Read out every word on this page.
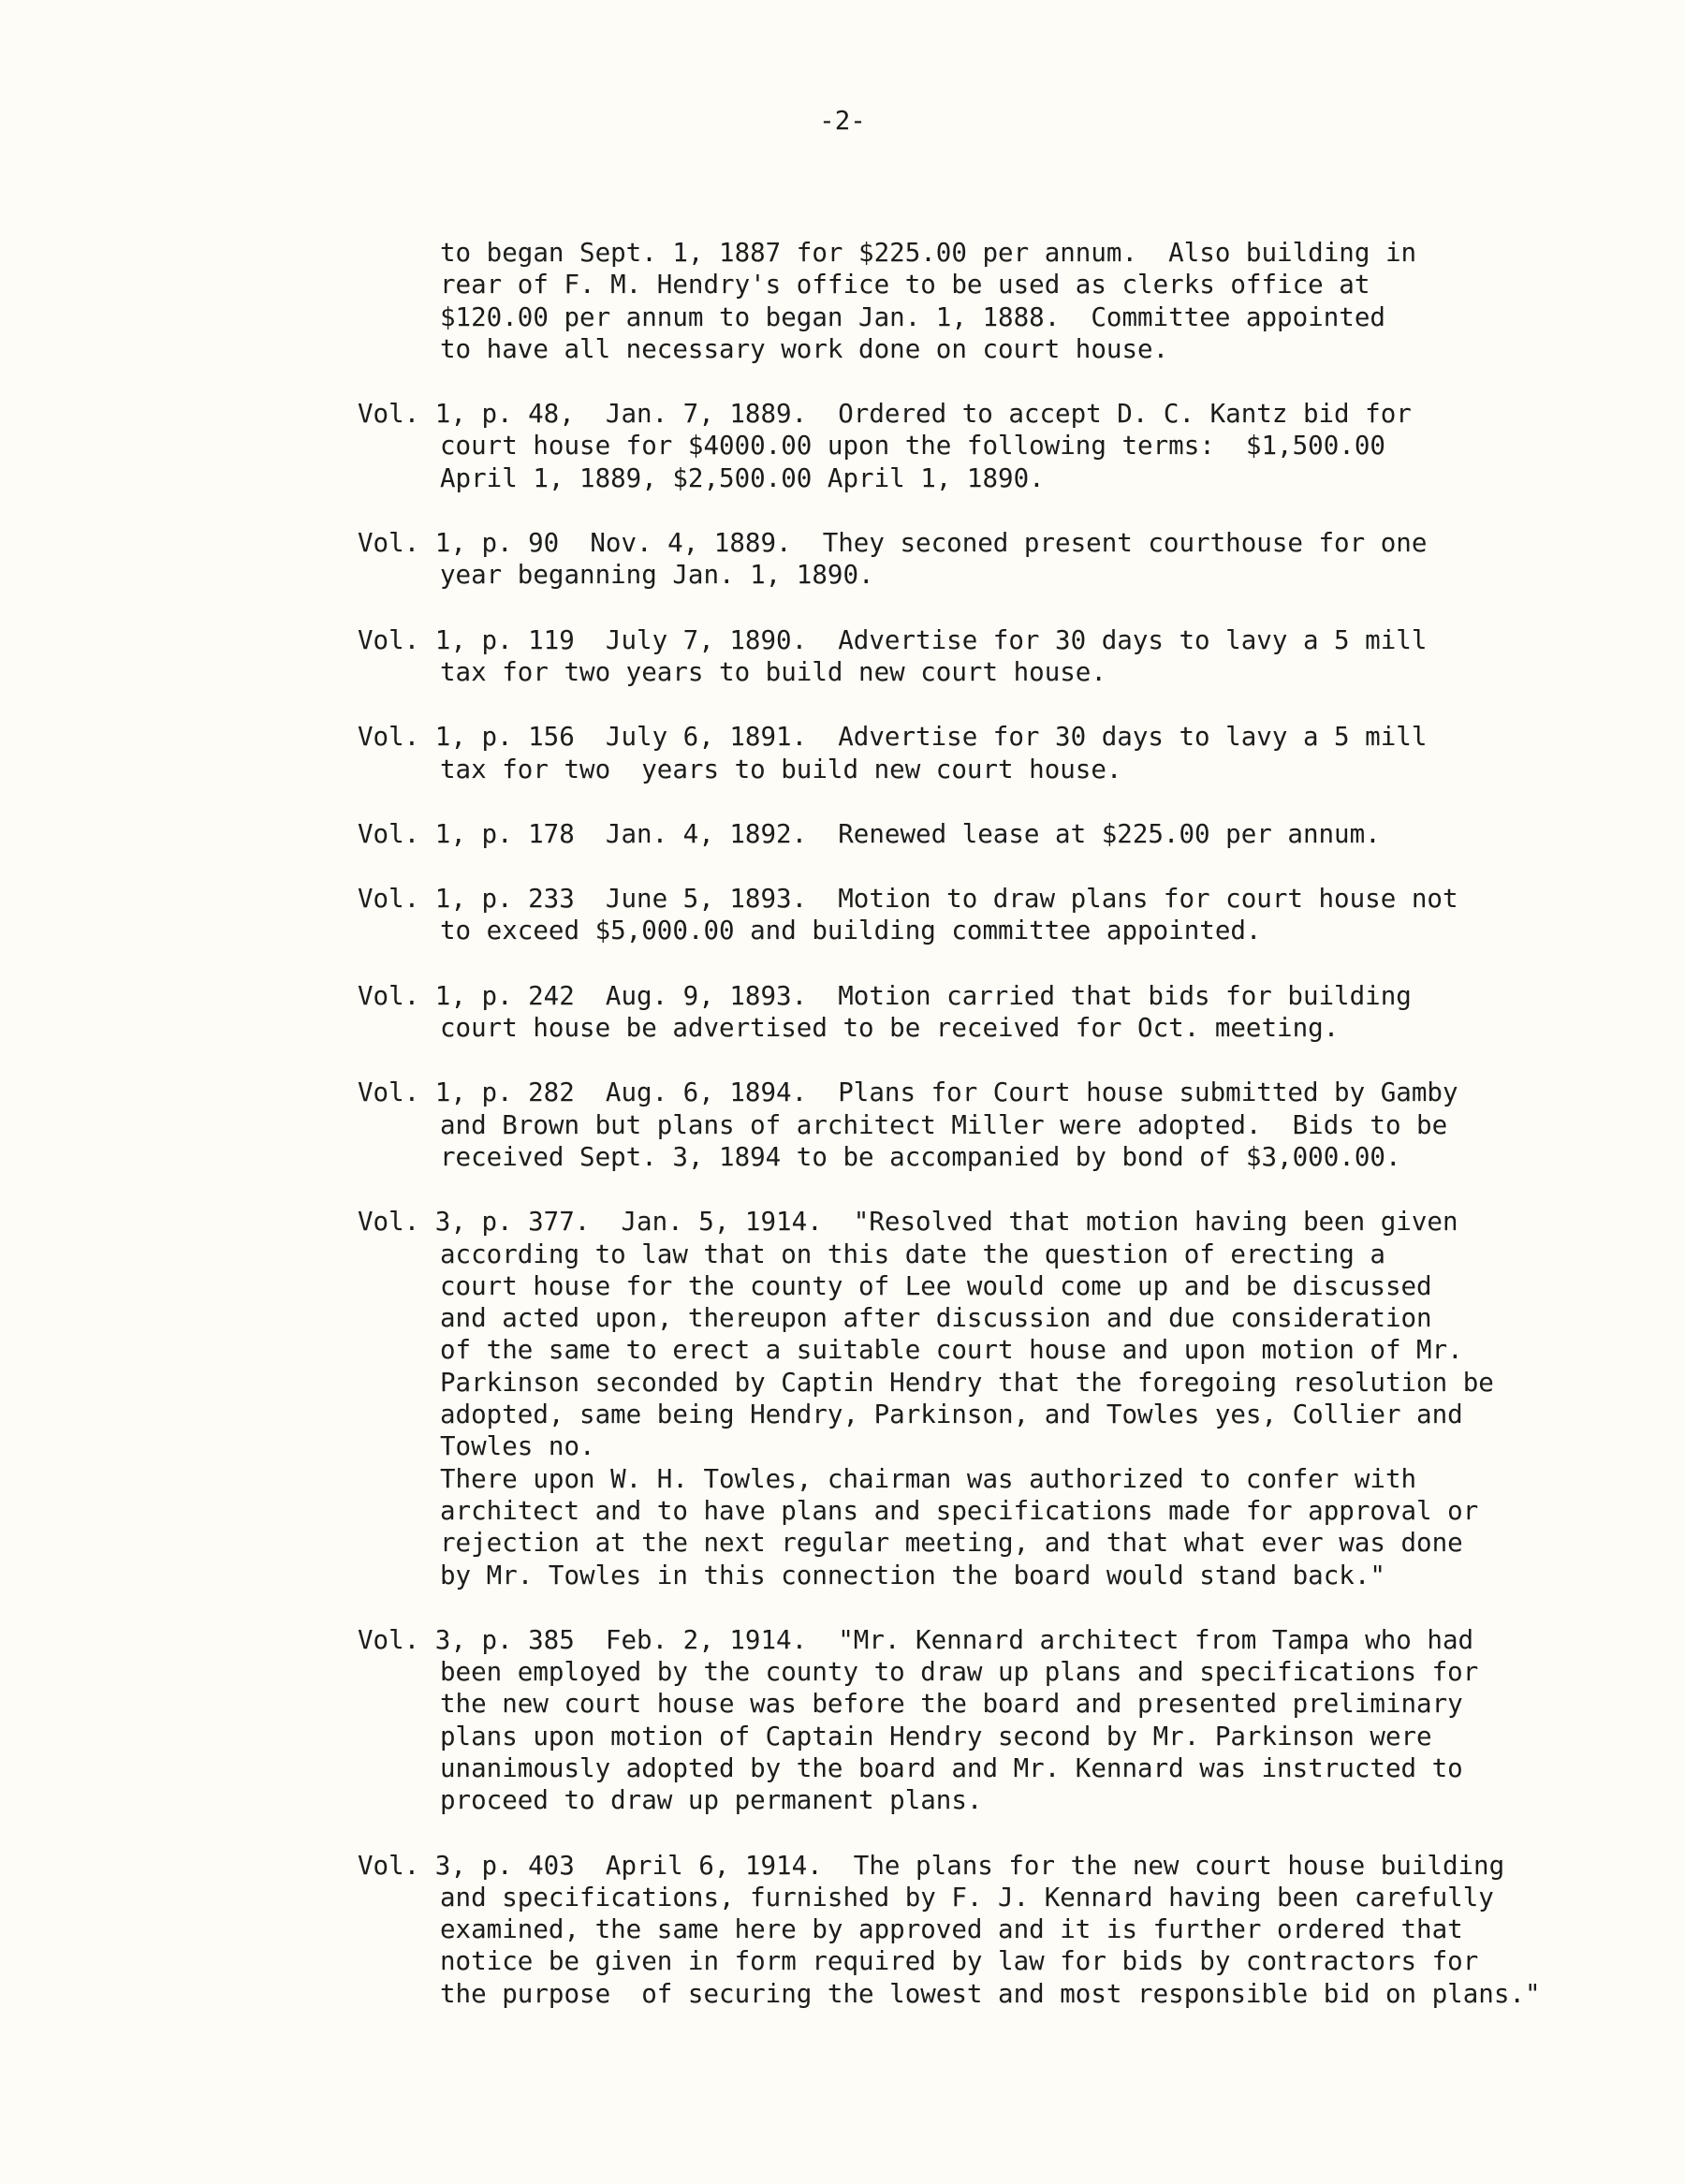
-2-
to began Sept. 1, 1887 for $225.00 per annum.  Also building in
rear of F. M. Hendry's office to be used as clerks office at
$120.00 per annum to began Jan. 1, 1888.  Committee appointed
to have all necessary work done on court house.
Vol. 1, p. 48,  Jan. 7, 1889.  Ordered to accept D. C. Kantz bid for
court house for $4000.00 upon the following terms:  $1,500.00
April 1, 1889, $2,500.00 April 1, 1890.
Vol. 1, p. 90  Nov. 4, 1889.  They seconed present courthouse for one
year beganning Jan. 1, 1890.
Vol. 1, p. 119  July 7, 1890.  Advertise for 30 days to lavy a 5 mill
tax for two years to build new court house.
Vol. 1, p. 156  July 6, 1891.  Advertise for 30 days to lavy a 5 mill
tax for two  years to build new court house.
Vol. 1, p. 178  Jan. 4, 1892.  Renewed lease at $225.00 per annum.
Vol. 1, p. 233  June 5, 1893.  Motion to draw plans for court house not
to exceed $5,000.00 and building committee appointed.
Vol. 1, p. 242  Aug. 9, 1893.  Motion carried that bids for building
court house be advertised to be received for Oct. meeting.
Vol. 1, p. 282  Aug. 6, 1894.  Plans for Court house submitted by Gamby
and Brown but plans of architect Miller were adopted.  Bids to be
received Sept. 3, 1894 to be accompanied by bond of $3,000.00.
Vol. 3, p. 377.  Jan. 5, 1914.  "Resolved that motion having been given
according to law that on this date the question of erecting a
court house for the county of Lee would come up and be discussed
and acted upon, thereupon after discussion and due consideration
of the same to erect a suitable court house and upon motion of Mr.
Parkinson seconded by Captin Hendry that the foregoing resolution be
adopted, same being Hendry, Parkinson, and Towles yes, Collier and
Towles no.
There upon W. H. Towles, chairman was authorized to confer with
architect and to have plans and specifications made for approval or
rejection at the next regular meeting, and that what ever was done
by Mr. Towles in this connection the board would stand back."
Vol. 3, p. 385  Feb. 2, 1914.  "Mr. Kennard architect from Tampa who had
been employed by the county to draw up plans and specifications for
the new court house was before the board and presented preliminary
plans upon motion of Captain Hendry second by Mr. Parkinson were
unanimously adopted by the board and Mr. Kennard was instructed to
proceed to draw up permanent plans.
Vol. 3, p. 403  April 6, 1914.  The plans for the new court house building
and specifications, furnished by F. J. Kennard having been carefully
examined, the same here by approved and it is further ordered that
notice be given in form required by law for bids by contractors for
the purpose  of securing the lowest and most responsible bid on plans."
